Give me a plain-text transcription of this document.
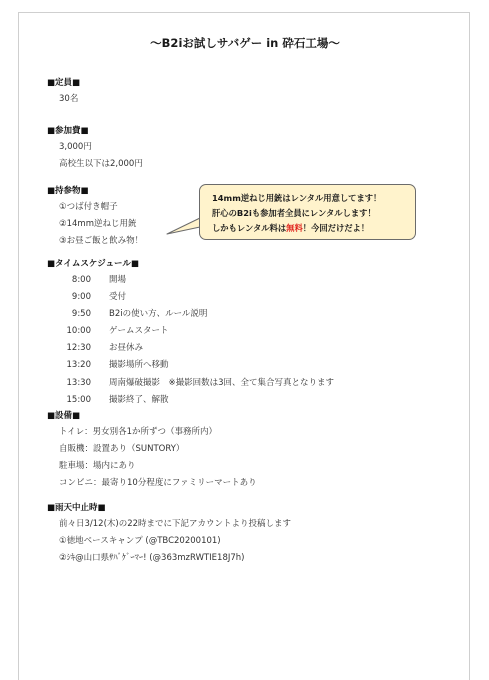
〜B2iお試しサバゲー in 砕石工場〜
■定員■
30名
■参加費■
3,000円
高校生以下は2,000円
■持参物■
①つば付き帽子
②14mm逆ねじ用銃
③お昼ご飯と飲み物！
■タイムスケジュール■
8:00 開場
9:00 受付
9:50 B2iの使い方、ルール説明
10:00 ゲームスタート
12:30 お昼休み
13:20 撮影場所へ移動
13:30 周南爆破撮影　※撮影回数は3回、全て集合写真となります
15:00 撮影終了、解散
■設備■
トイレ：男女別各1か所ずつ（事務所内）
自販機：設置あり（SUNTORY）
駐車場：場内にあり
コンビニ：最寄り10分程度にファミリーマートあり
■雨天中止時■
前々日3/12(木)の22時までに下記アカウントより投稿します
①徳地ベースキャンプ (@TBC20200101)
②ｼｷ@山口県ｻﾊﾞｹﾞｰﾏｰ! (@363mzRWTIE18J7h)
14mm逆ねじ用銃はレンタル用意してます！
肝心のB2iも参加者全員にレンタルします！
しかもレンタル料は無料！今回だけだよ！
